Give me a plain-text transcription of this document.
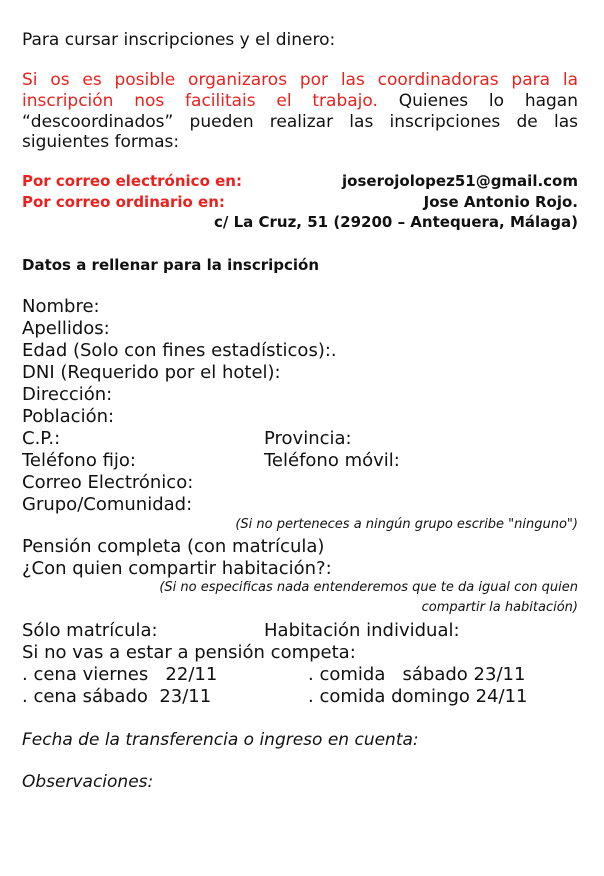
Para cursar inscripciones y el dinero:
Si os es posible organizaros por las coordinadoras para la
inscripción nos facilitais el trabajo. Quienes lo hagan
“descoordinados” pueden realizar las inscripciones de las
siguientes formas:
Por correo electrónico en:	joserojolopez51@gmail.com
Por correo ordinario en:	Jose Antonio Rojo.
c/ La Cruz, 51 (29200 – Antequera, Málaga)
Datos a rellenar para la inscripción
Nombre:
Apellidos:
Edad (Solo con fines estadísticos):.
DNI (Requerido por el hotel):
Dirección:
Población:
C.P.:	Provincia:
Teléfono fijo:	Teléfono móvil:
Correo Electrónico:
Grupo/Comunidad:
(Si no perteneces a ningún grupo escribe "ninguno")
Pensión completa (con matrícula)
¿Con quien compartir habitación?:
(Si no especificas nada entenderemos que te da igual con quien
compartir la habitación)
Sólo matrícula:	Habitación individual:
Si no vas a estar a pensión competa:
. cena viernes   22/11	. comida   sábado 23/11
. cena sábado  23/11	. comida domingo 24/11
Fecha de la transferencia o ingreso en cuenta:
Observaciones:
